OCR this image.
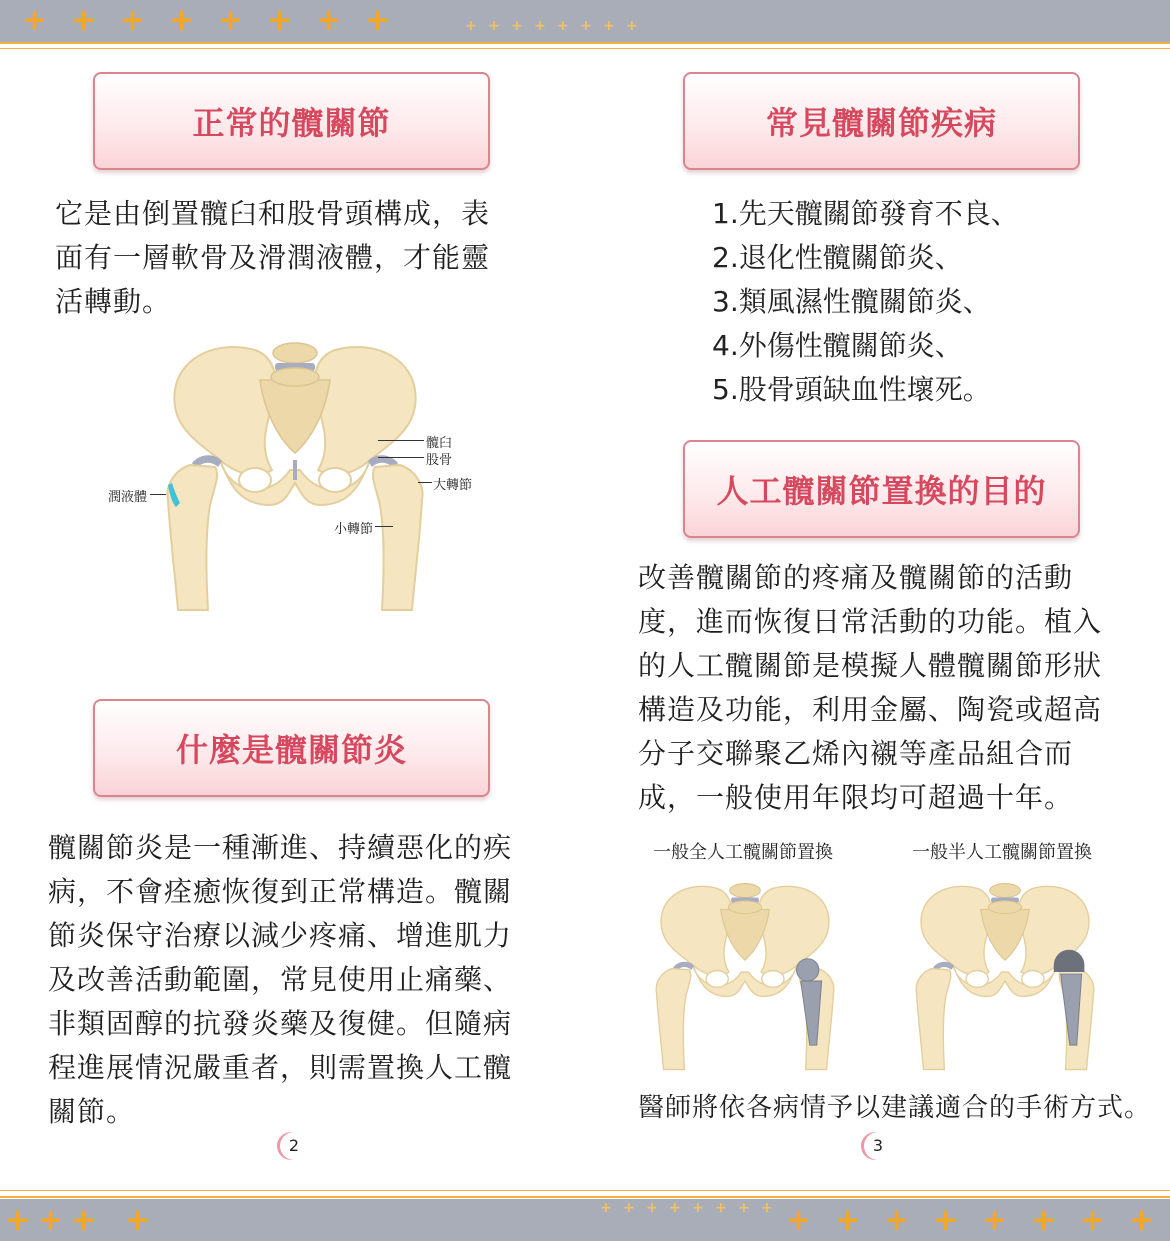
+ + + + + + + +	+ + + + + + + +
+ + + +	+ + + + + + + + + + + + + + + +
正常的髖關節
它是由倒置髖臼和股骨頭構成，表
面有一層軟骨及滑潤液體，才能靈
活轉動。
髖臼
股骨
大轉節
潤液體
小轉節
什麼是髖關節炎
髖關節炎是一種漸進、持續惡化的疾
病，不會痊癒恢復到正常構造。髖關
節炎保守治療以減少疼痛、增進肌力
及改善活動範圍，常見使用止痛藥、
非類固醇的抗發炎藥及復健。但隨病
程進展情況嚴重者，則需置換人工髖
關節。
2
常見髖關節疾病
1.先天髖關節發育不良、
2.退化性髖關節炎、
3.類風濕性髖關節炎、
4.外傷性髖關節炎、
5.股骨頭缺血性壞死。
人工髖關節置換的目的
改善髖關節的疼痛及髖關節的活動
度，進而恢復日常活動的功能。植入
的人工髖關節是模擬人體髖關節形狀
構造及功能，利用金屬、陶瓷或超高
分子交聯聚乙烯內襯等產品組合而
成，一般使用年限均可超過十年。
一般全人工髖關節置換	一般半人工髖關節置換
醫師將依各病情予以建議適合的手術方式。
3
